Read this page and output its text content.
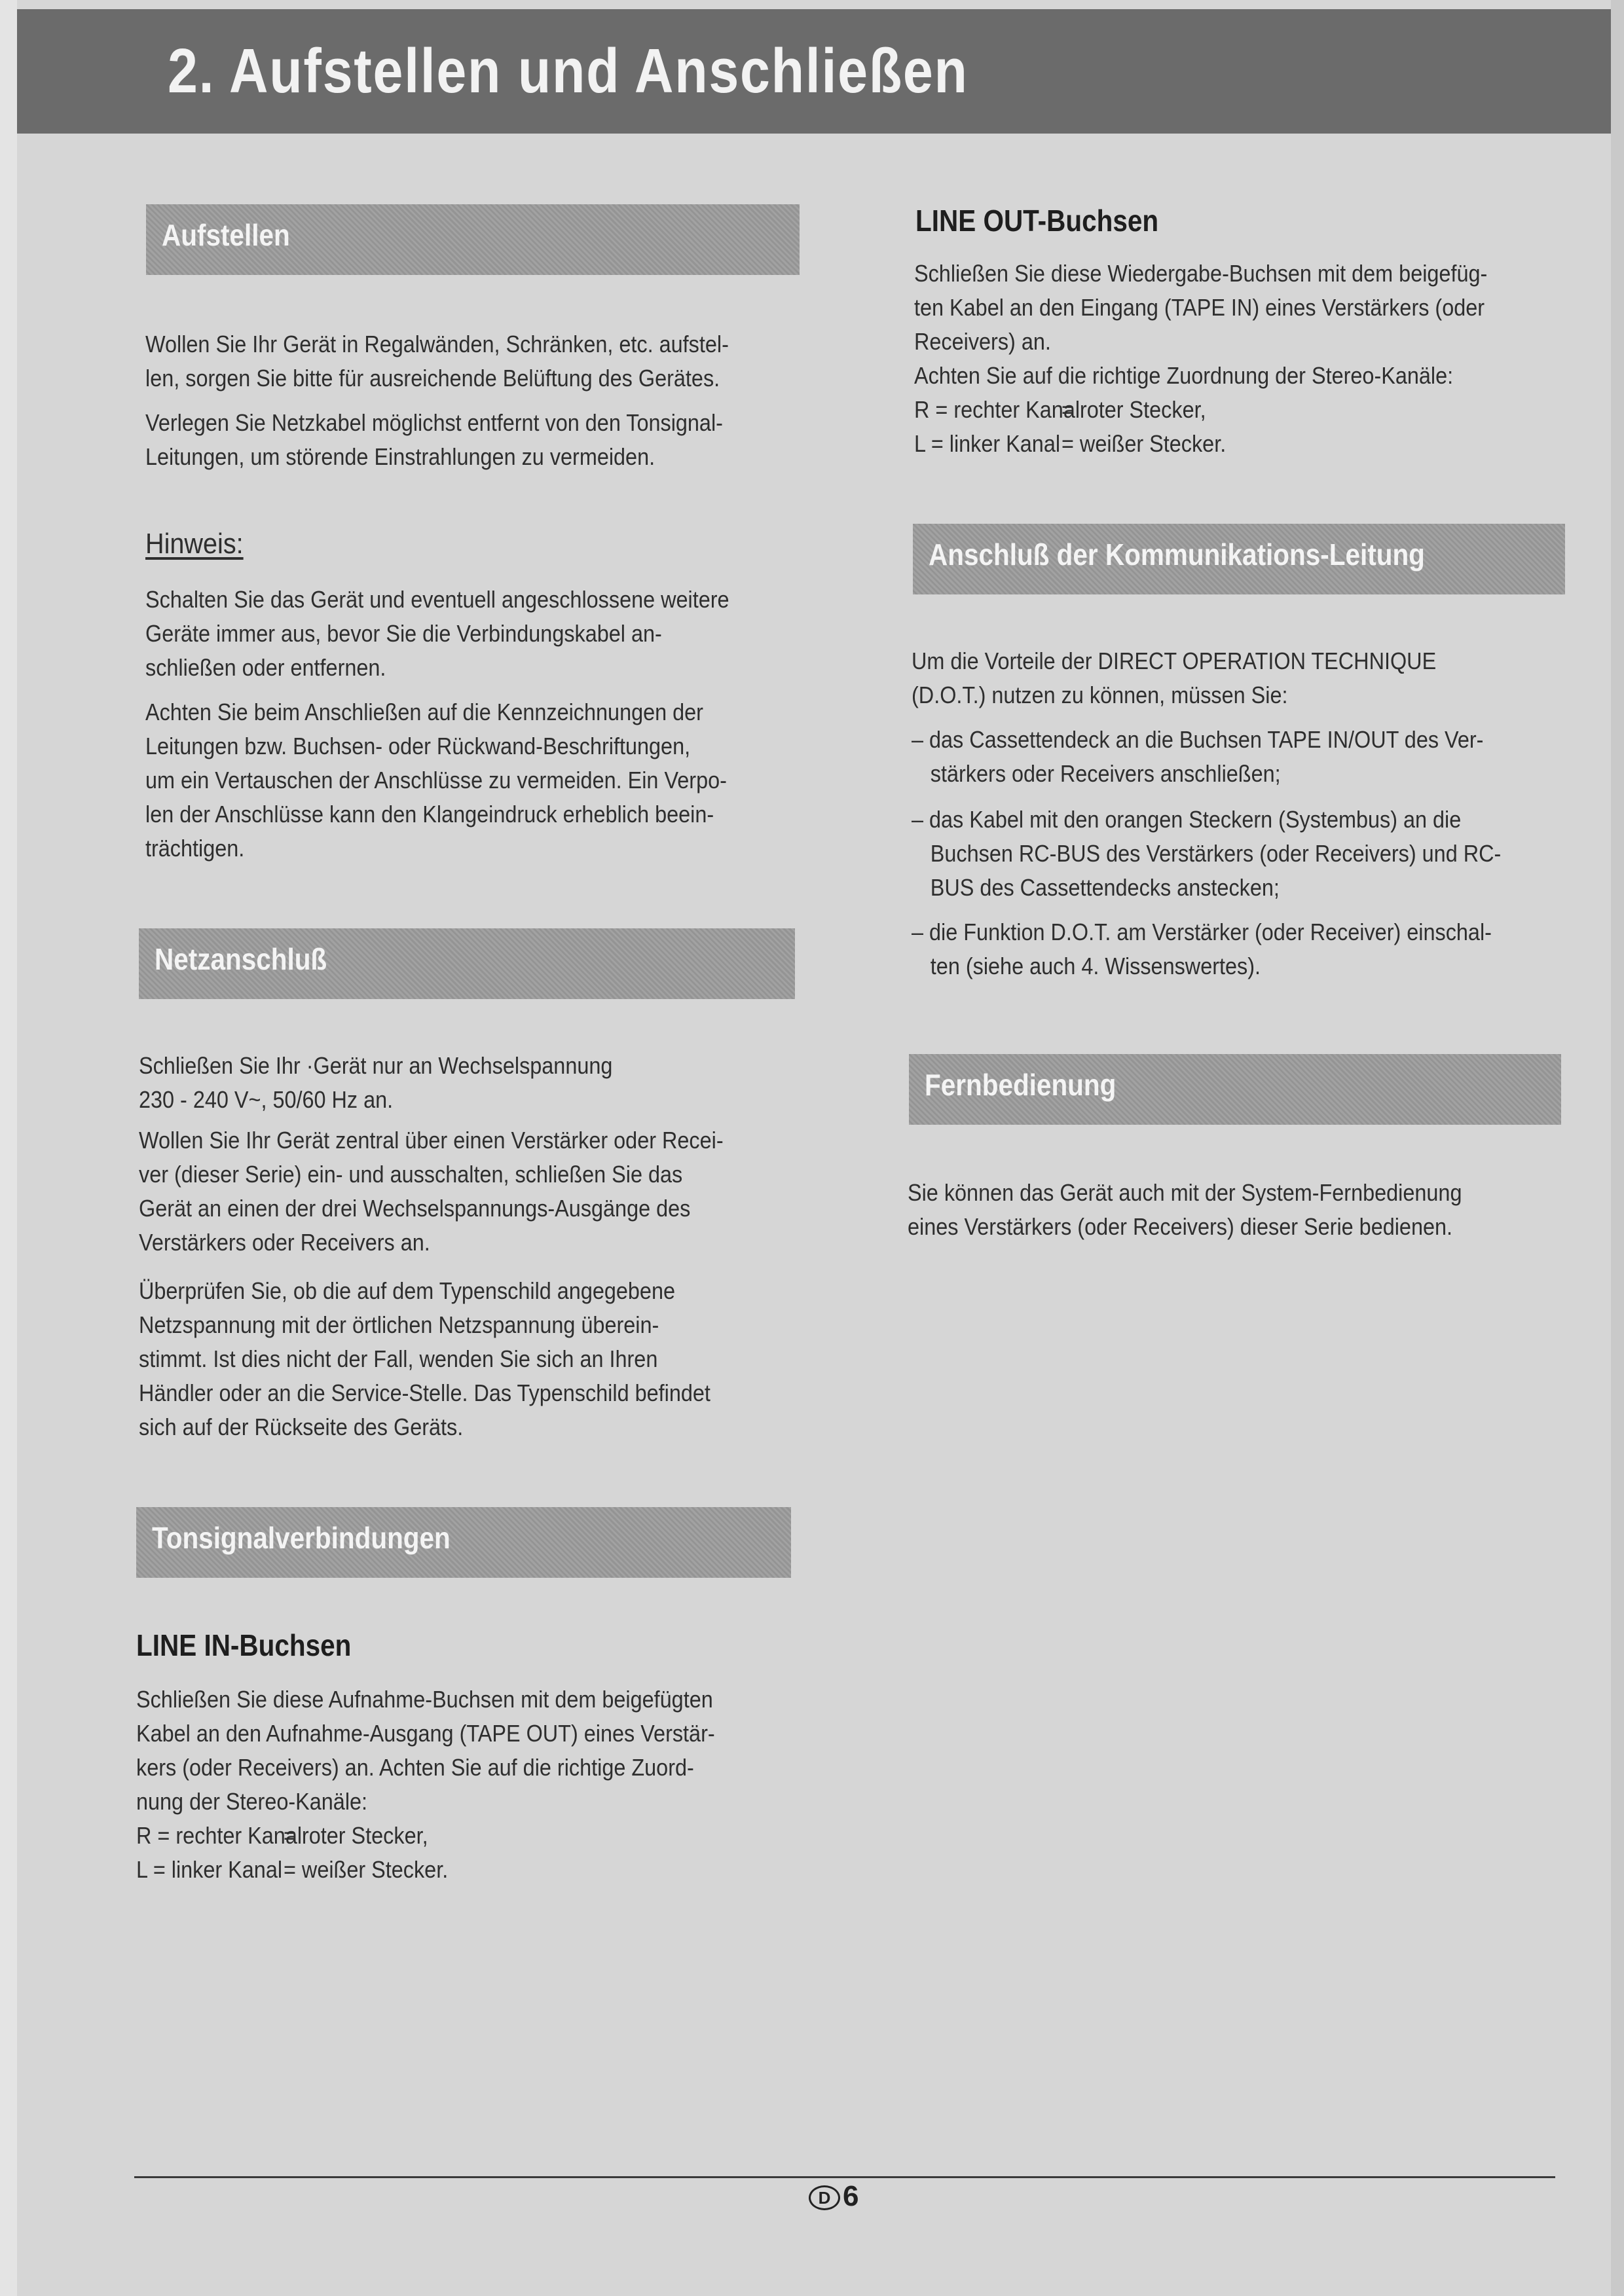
2. Aufstellen und Anschließen
Aufstellen
Wollen Sie Ihr Gerät in Regalwänden, Schränken, etc. aufstel-
len, sorgen Sie bitte für ausreichende Belüftung des Gerätes.
Verlegen Sie Netzkabel möglichst entfernt von den Tonsignal-
Leitungen, um störende Einstrahlungen zu vermeiden.
Hinweis:
Schalten Sie das Gerät und eventuell angeschlossene weitere
Geräte immer aus, bevor Sie die Verbindungskabel an-
schließen oder entfernen.
Achten Sie beim Anschließen auf die Kennzeichnungen der
Leitungen bzw. Buchsen- oder Rückwand-Beschriftungen,
um ein Vertauschen der Anschlüsse zu vermeiden. Ein Verpo-
len der Anschlüsse kann den Klangeindruck erheblich beein-
trächtigen.
Netzanschluß
Schließen Sie Ihr ·Gerät nur an Wechselspannung
230 - 240 V~, 50/60 Hz an.
Wollen Sie Ihr Gerät zentral über einen Verstärker oder Recei-
ver (dieser Serie) ein- und ausschalten, schließen Sie das
Gerät an einen der drei Wechselspannungs-Ausgänge des
Verstärkers oder Receivers an.
Überprüfen Sie, ob die auf dem Typenschild angegebene
Netzspannung mit der örtlichen Netzspannung überein-
stimmt. Ist dies nicht der Fall, wenden Sie sich an Ihren
Händler oder an die Service-Stelle. Das Typenschild befindet
sich auf der Rückseite des Geräts.
Tonsignalverbindungen
LINE IN-Buchsen
Schließen Sie diese Aufnahme-Buchsen mit dem beigefügten
Kabel an den Aufnahme-Ausgang (TAPE OUT) eines Verstär-
kers (oder Receivers) an. Achten Sie auf die richtige Zuord-
nung der Stereo-Kanäle:
R = rechter Kanal= roter Stecker,
L = linker Kanal= weißer Stecker.
LINE OUT-Buchsen
Schließen Sie diese Wiedergabe-Buchsen mit dem beigefüg-
ten Kabel an den Eingang (TAPE IN) eines Verstärkers (oder
Receivers) an.
Achten Sie auf die richtige Zuordnung der Stereo-Kanäle:
R = rechter Kanal= roter Stecker,
L = linker Kanal= weißer Stecker.
Anschluß der Kommunikations-Leitung
Um die Vorteile der DIRECT OPERATION TECHNIQUE
(D.O.T.) nutzen zu können, müssen Sie:
– das Cassettendeck an die Buchsen TAPE IN/OUT des Ver-
stärkers oder Receivers anschließen;
– das Kabel mit den orangen Steckern (Systembus) an die
Buchsen RC-BUS des Verstärkers (oder Receivers) und RC-
BUS des Cassettendecks anstecken;
– die Funktion D.O.T. am Verstärker (oder Receiver) einschal-
ten (siehe auch 4. Wissenswertes).
Fernbedienung
Sie können das Gerät auch mit der System-Fernbedienung
eines Verstärkers (oder Receivers) dieser Serie bedienen.
D 6
